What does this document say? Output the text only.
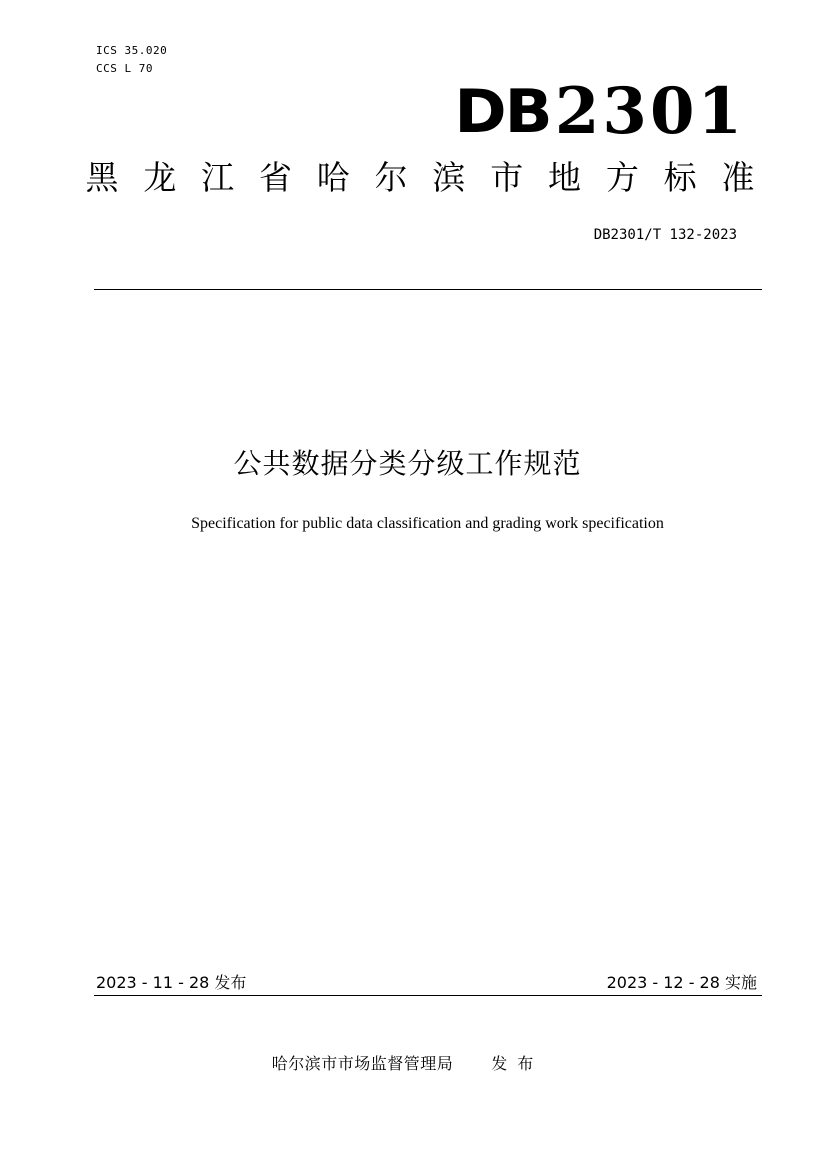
ICS 35.020
CCS L 70
DB 2301
黑 龙 江 省 哈 尔 滨 市 地 方 标 准
DB2301/T 132-2023
公共数据分类分级工作规范
Specification for public data classification and grading work specification
2023 - 11 - 28 发布	2023 - 12 - 28 实施
哈尔滨市市场监督管理局 发布
